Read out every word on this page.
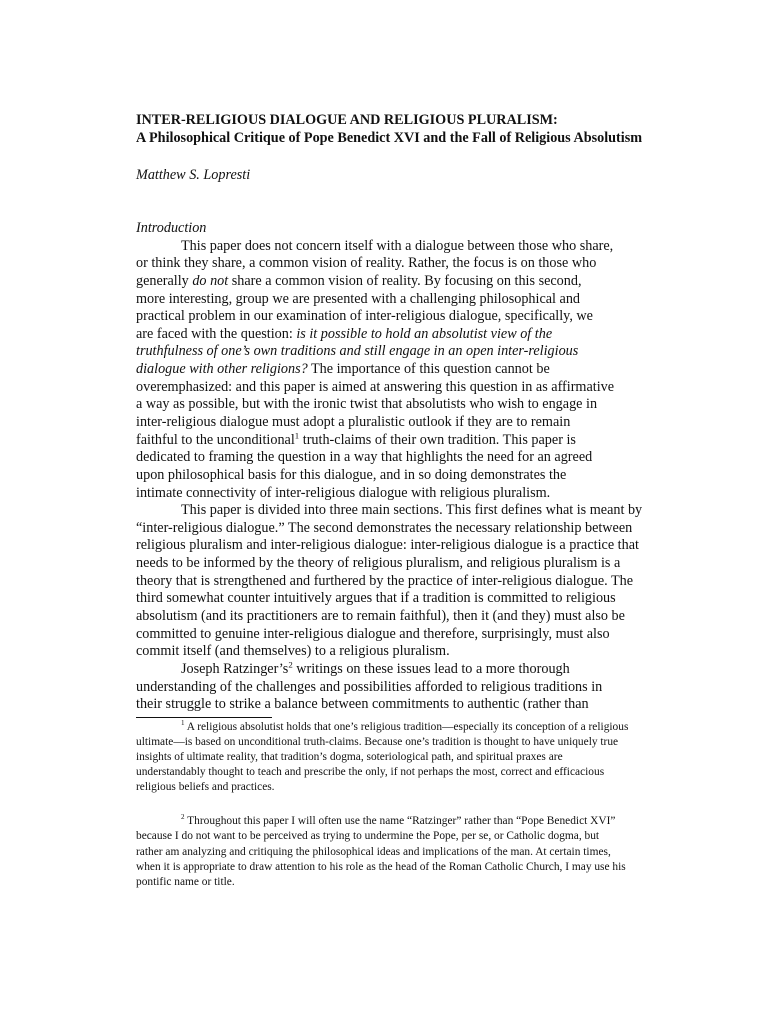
INTER-RELIGIOUS DIALOGUE AND RELIGIOUS PLURALISM:
A Philosophical Critique of Pope Benedict XVI and the Fall of Religious Absolutism
Matthew S. Lopresti
Introduction
This paper does not concern itself with a dialogue between those who share,
or think they share, a common vision of reality. Rather, the focus is on those who
generally do not share a common vision of reality. By focusing on this second,
more interesting, group we are presented with a challenging philosophical and
practical problem in our examination of inter-religious dialogue, specifically, we
are faced with the question: is it possible to hold an absolutist view of the
truthfulness of one’s own traditions and still engage in an open inter-religious
dialogue with other religions? The importance of this question cannot be
overemphasized: and this paper is aimed at answering this question in as affirmative
a way as possible, but with the ironic twist that absolutists who wish to engage in
inter-religious dialogue must adopt a pluralistic outlook if they are to remain
faithful to the unconditional$^1$ truth-claims of their own tradition. This paper is
dedicated to framing the question in a way that highlights the need for an agreed
upon philosophical basis for this dialogue, and in so doing demonstrates the
intimate connectivity of inter-religious dialogue with religious pluralism.
This paper is divided into three main sections. This first defines what is meant by
“inter-religious dialogue.” The second demonstrates the necessary relationship between
religious pluralism and inter-religious dialogue: inter-religious dialogue is a practice that
needs to be informed by the theory of religious pluralism, and religious pluralism is a
theory that is strengthened and furthered by the practice of inter-religious dialogue. The
third somewhat counter intuitively argues that if a tradition is committed to religious
absolutism (and its practitioners are to remain faithful), then it (and they) must also be
committed to genuine inter-religious dialogue and therefore, surprisingly, must also
commit itself (and themselves) to a religious pluralism.
Joseph $Ratzinger’s^2$ writings on these issues lead to a more thorough
understanding of the challenges and possibilities afforded to religious traditions in
their struggle to strike a balance between commitments to authentic (rather than
$^1$ A religious absolutist holds that one’s religious tradition—especially its conception of a religious
ultimate—is based on unconditional truth-claims. Because one’s tradition is thought to have uniquely true
insights of ultimate reality, that tradition’s dogma, soteriological path, and spiritual praxes are
understandably thought to teach and prescribe the only, if not perhaps the most, correct and efficacious
religious beliefs and practices.
$^2$ Throughout this paper I will often use the name “Ratzinger” rather than “Pope Benedict XVI”
because I do not want to be perceived as trying to undermine the Pope, per se, or Catholic dogma, but
rather am analyzing and critiquing the philosophical ideas and implications of the man. At certain times,
when it is appropriate to draw attention to his role as the head of the Roman Catholic Church, I may use his
pontific name or title.
